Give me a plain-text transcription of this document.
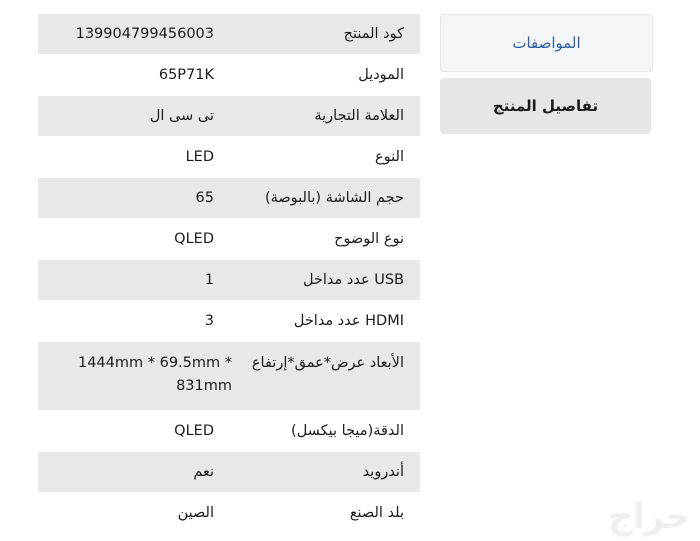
كود المنتج
13990479945600​3
الموديل
65P71K
العلامة التجارية
تى سى ال
النوع
LED
حجم الشاشة (بالبوصة)
65
نوع الوضوح
QLED
USB عدد مداخل
1
HDMI عدد مداخل
3
الأبعاد عرض*عمق*إرتفاع
1444mm * 69.5mm * 831mm
الدقة(ميجا بيكسل)
QLED
أندرويد
نعم
بلد الصنع
الصين
المواصفات
تفاصيل المنتج
حراج
